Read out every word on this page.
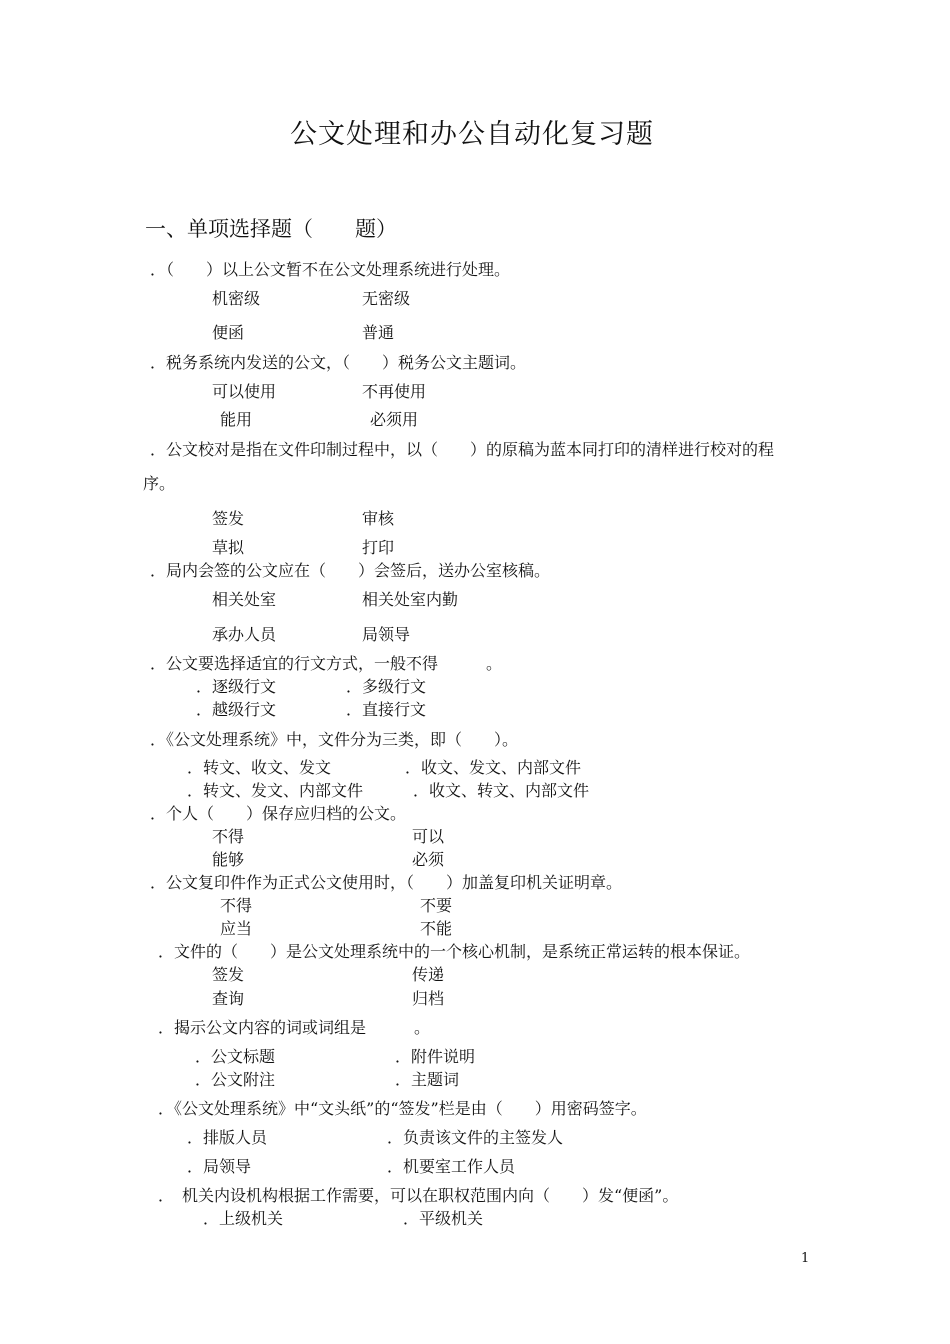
公文处理和办公自动化复习题
一、单项选择题（　　题）
．（　　）以上公文暂不在公文处理系统进行处理。
机密级	无密级
便函	普通
．税务系统内发送的公文，（　　）税务公文主题词。
可以使用	不再使用
能用	必须用
．公文校对是指在文件印制过程中，以（　　）的原稿为蓝本同打印的清样进行校对的程
序。
签发	审核
草拟	打印
．局内会签的公文应在（　　）会签后，送办公室核稿。
相关处室	相关处室内勤
承办人员	局领导
．公文要选择适宜的行文方式，一般不得　　　。
．逐级行文	．多级行文
．越级行文	．直接行文
．《公文处理系统》中，文件分为三类，即（　　）。
．转文、收文、发文	．收文、发文、内部文件
．转文、发文、内部文件	．收文、转文、内部文件
．个人（　　）保存应归档的公文。
不得	可以
能够	必须
．公文复印件作为正式公文使用时，（　　）加盖复印机关证明章。
不得	不要
应当	不能
．文件的（　　）是公文处理系统中的一个核心机制，是系统正常运转的根本保证。
签发	传递
查询	归档
．揭示公文内容的词或词组是　　　。
．公文标题	．附件说明
．公文附注	．主题词
．《公文处理系统》中“文头纸”的“签发”栏是由（　　）用密码签字。
．排版人员	．负责该文件的主签发人
．局领导	．机要室工作人员
．　机关内设机构根据工作需要，可以在职权范围内向（　　）发“便函”。
．上级机关	．平级机关
1
